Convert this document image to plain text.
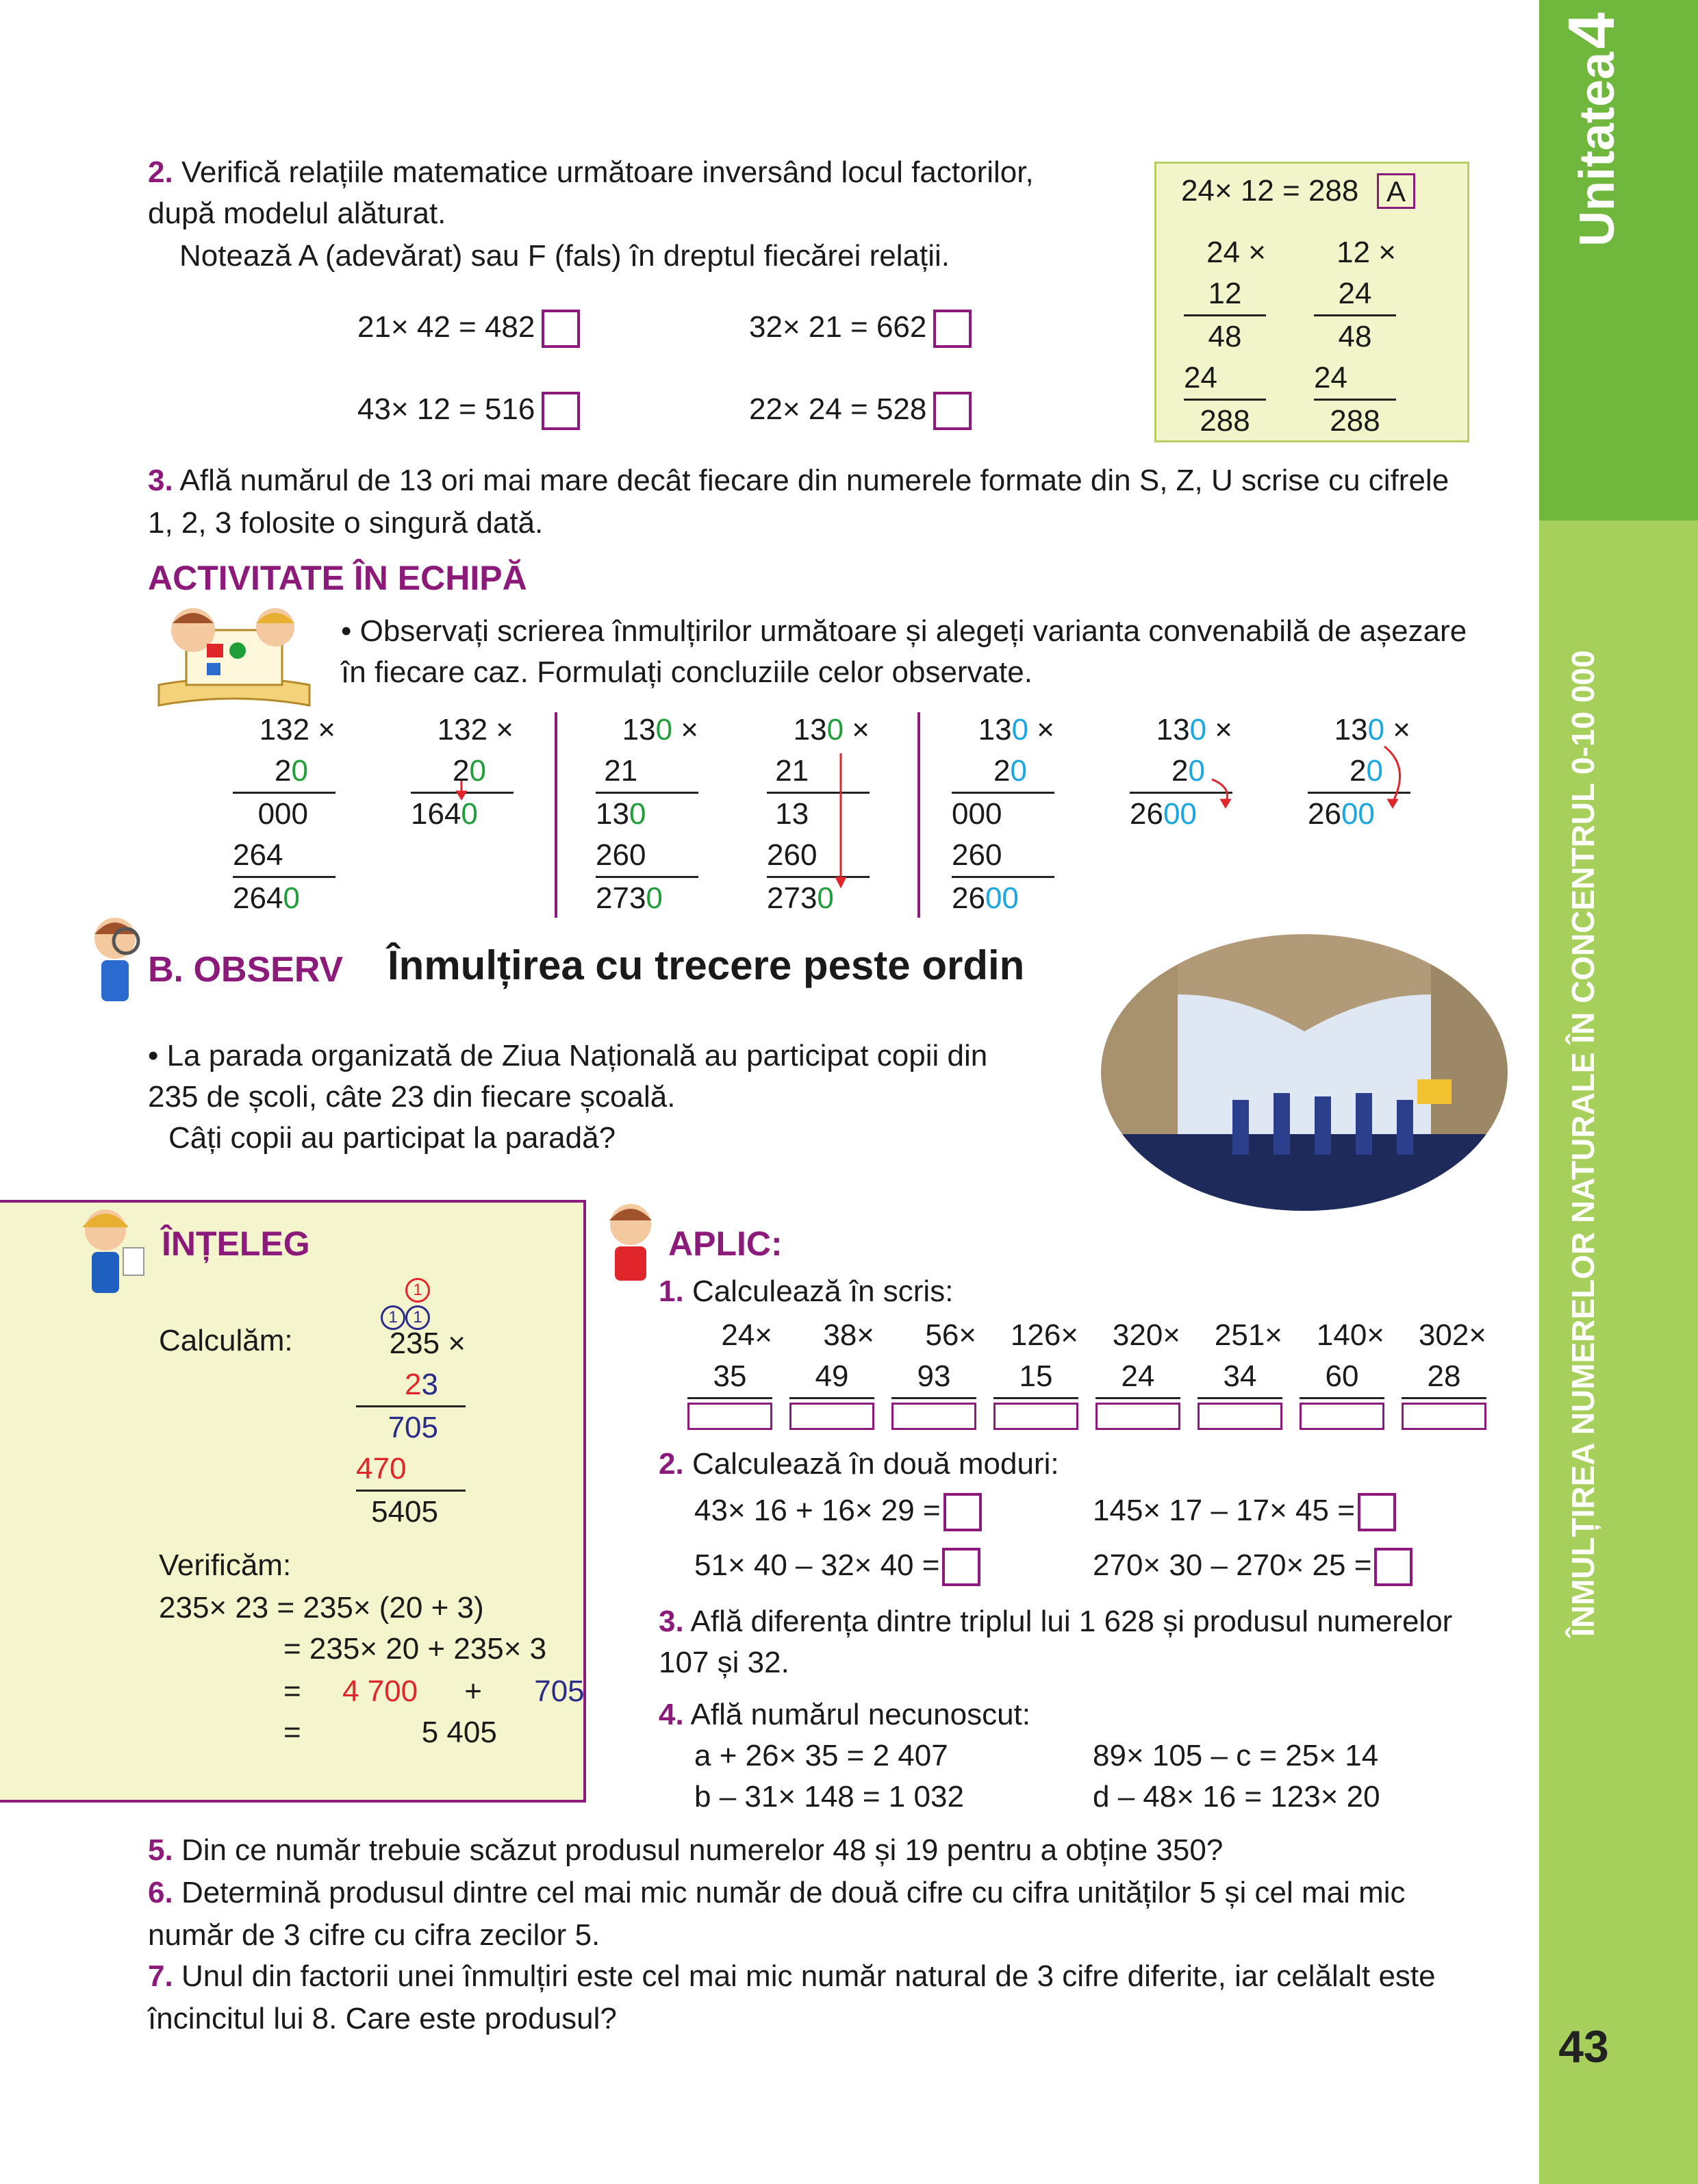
Unitatea 4
ÎNMULȚIREA NUMERELOR NATURALE ÎN CONCENTRUL 0-10 000
43
2. Verifică relațiile matematice următoare inversând locul factorilor,
după modelul alăturat.
Notează A (adevărat) sau F (fals) în dreptul fiecărei relații.
21× 42 = 482	32× 21 = 662
43× 12 = 516	22× 24 = 528
24× 12 = 288 A
24 ×
12
48
24
288
12 ×
24
48
24
288
3. Află numărul de 13 ori mai mare decât fiecare din numerele formate din S, Z, U scrise cu cifrele
1, 2, 3 folosite o singură dată.
ACTIVITATE ÎN ECHIPĂ
• Observați scrierea înmulțirilor următoare și alegeți varianta convenabilă de așezare
în fiecare caz. Formulați concluziile celor observate.
132 ×
20
000
264
2640
132 ×
20
1640
130 ×
21
130
260
2730
130 ×
21
13
260
2730
130 ×
20
000
260
2600
130 ×
20
2600
130 ×
20
2600
B. OBSERV Înmulțirea cu trecere peste ordin
• La parada organizată de Ziua Națională au participat copii din
235 de școli, câte 23 din fiecare școală.
Câți copii au participat la paradă?
ÎNȚELEG
Calculăm:
1
1 1
235 ×
23
705
470
5405
Verificăm:
235× 23 = 235× (20 + 3)
= 235× 20 + 235× 3
= 4 700 + 705
=	5 405
APLIC:
1. Calculează în scris:
24×
35
38×
49
56×
93
126×
15
320×
24
251×
34
140×
60
302×
28
2. Calculează în două moduri:
43× 16 + 16× 29 =	145× 17 – 17× 45 =
51× 40 – 32× 40 =	270× 30 – 270× 25 =
3. Află diferența dintre triplul lui 1 628 și produsul numerelor
107 și 32.
4. Află numărul necunoscut:
a + 26× 35 = 2 407	89× 105 – c = 25× 14
b – 31× 148 = 1 032	d – 48× 16 = 123× 20
5. Din ce număr trebuie scăzut produsul numerelor 48 și 19 pentru a obține 350?
6. Determină produsul dintre cel mai mic număr de două cifre cu cifra unităților 5 și cel mai mic
număr de 3 cifre cu cifra zecilor 5.
7. Unul din factorii unei înmulțiri este cel mai mic număr natural de 3 cifre diferite, iar celălalt este
încincitul lui 8. Care este produsul?
